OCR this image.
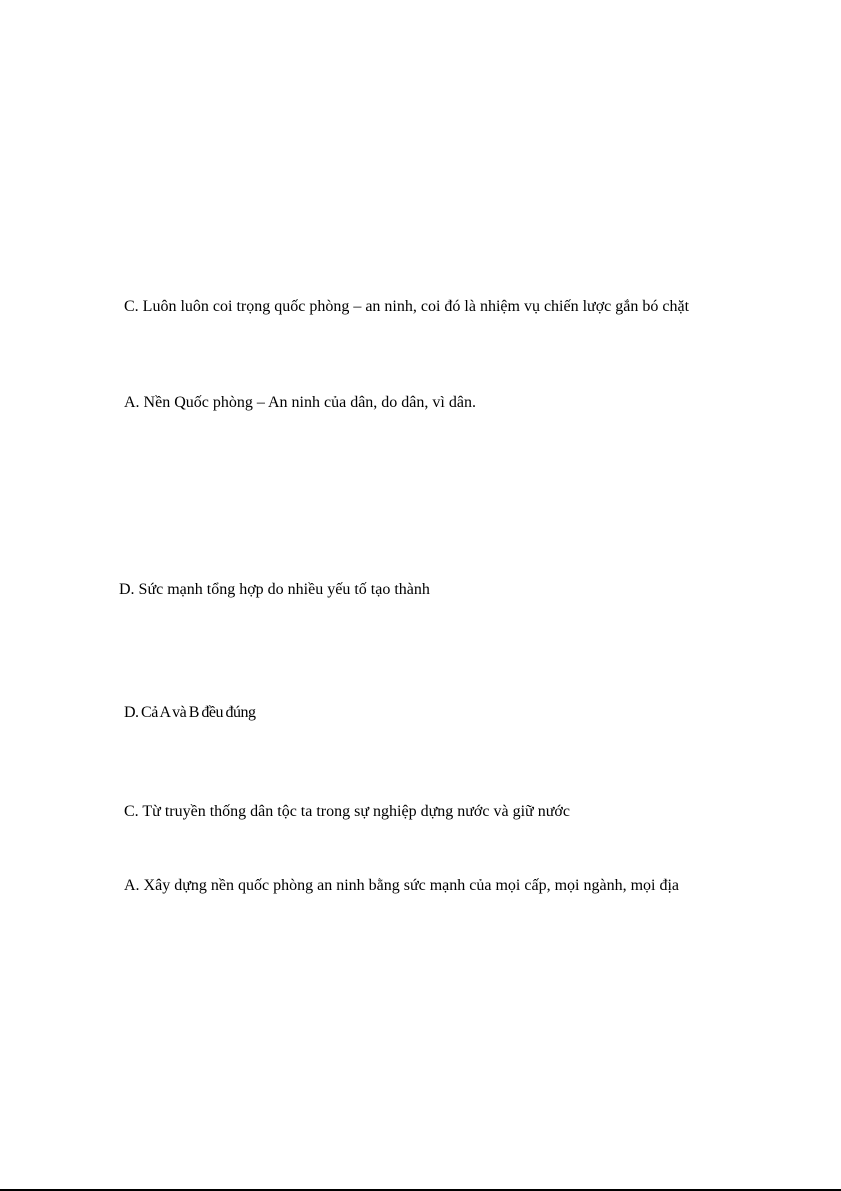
C. Luôn luôn coi trọng quốc phòng – an ninh, coi đó là nhiệm vụ chiến lược gắn bó chặt
A. Nền Quốc phòng – An ninh của dân, do dân, vì dân.
D. Sức mạnh tổng hợp do nhiều yếu tố tạo thành
D. Cả A và B đều đúng
C. Từ truyền thống dân tộc ta trong sự nghiệp dựng nước và giữ nước
A. Xây dựng nền quốc phòng an ninh bằng sức mạnh của mọi cấp, mọi ngành, mọi địa
